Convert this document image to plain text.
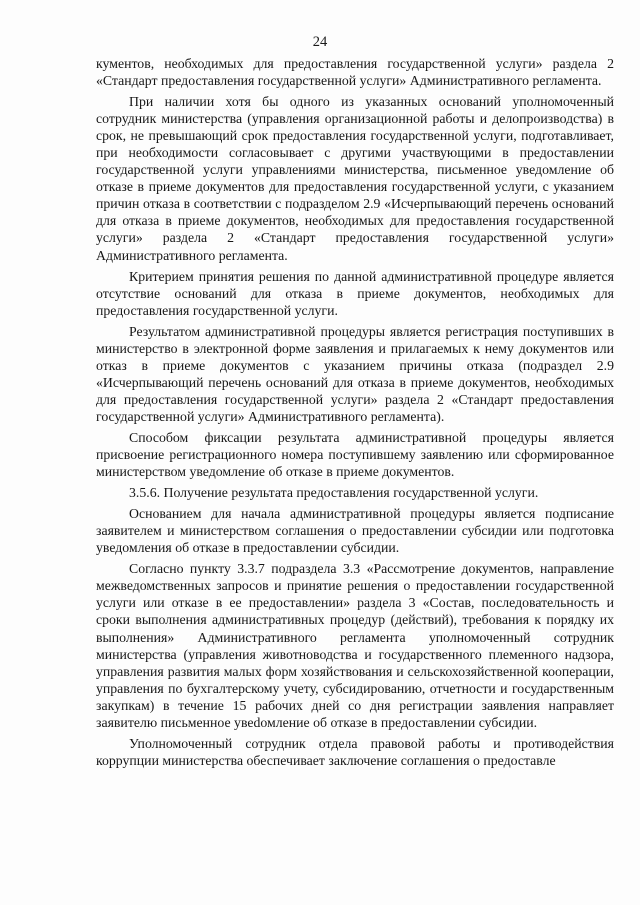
24

кументов, необходимых для предоставления государственной услуги» раздела 2 «Стандарт предоставления государственной услуги» Административного регламента.

При наличии хотя бы одного из указанных оснований уполномоченный сотрудник министерства (управления организационной работы и делопроизводства) в срок, не превышающий срок предоставления государственной услуги, подготавливает, при необходимости согласовывает с другими участвующими в предоставлении государственной услуги управлениями министерства, письменное уведомление об отказе в приеме документов для предоставления государственной услуги, с указанием причин отказа в соответствии с подразделом 2.9 «Исчерпывающий перечень оснований для отказа в приеме документов, необходимых для предоставления государственной услуги» раздела 2 «Стандарт предоставления государственной услуги» Административного регламента.

Критерием принятия решения по данной административной процедуре является отсутствие оснований для отказа в приеме документов, необходимых для предоставления государственной услуги.

Результатом административной процедуры является регистрация поступивших в министерство в электронной форме заявления и прилагаемых к нему документов или отказ в приеме документов с указанием причины отказа (подраздел 2.9 «Исчерпывающий перечень оснований для отказа в приеме документов, необходимых для предоставления государственной услуги» раздела 2 «Стандарт предоставления государственной услуги» Административного регламента).

Способом фиксации результата административной процедуры является присвоение регистрационного номера поступившему заявлению или сформированное министерством уведомление об отказе в приеме документов.

3.5.6. Получение результата предоставления государственной услуги.

Основанием для начала административной процедуры является подписание заявителем и министерством соглашения о предоставлении субсидии или подготовка уведомления об отказе в предоставлении субсидии.

Согласно пункту 3.3.7 подраздела 3.3 «Рассмотрение документов, направление межведомственных запросов и принятие решения о предоставлении государственной услуги или отказе в ее предоставлении» раздела 3 «Состав, последовательность и сроки выполнения административных процедур (действий), требования к порядку их выполнения» Административного регламента уполномоченный сотрудник министерства (управления животноводства и государственного племенного надзора, управления развития малых форм хозяйствования и сельскохозяйственной кооперации, управления по бухгалтерскому учету, субсидированию, отчетности и государственным закупкам) в течение 15 рабочих дней со дня регистрации заявления направляет заявителю письменное увеdомление об отказе в предоставлении субсидии.

Уполномоченный сотрудник отдела правовой работы и противодействия коррупции министерства обеспечивает заключение соглашения о предоставле
